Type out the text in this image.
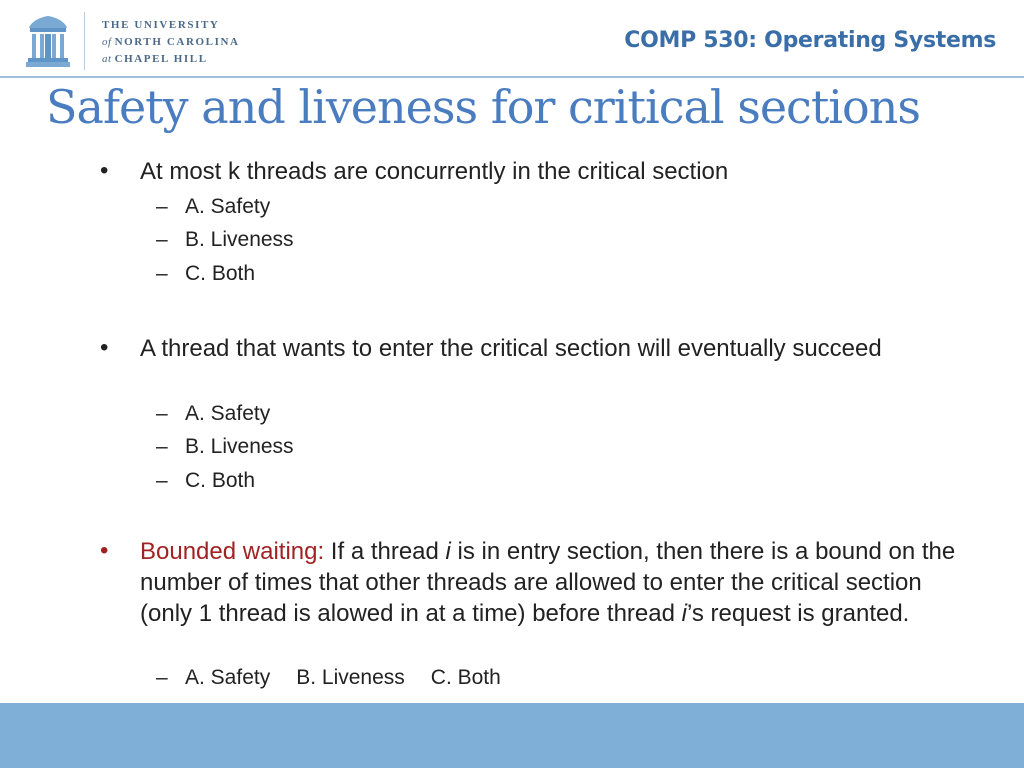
THE UNIVERSITY
of NORTH CAROLINA
at CHAPEL HILL
COMP 530: Operating Systems
Safety and liveness for critical sections
• At most k threads are concurrently in the critical section
– A. Safety
– B. Liveness
– C. Both
• A thread that wants to enter the critical section will eventually succeed
– A. Safety
– B. Liveness
– C. Both
• Bounded waiting: If a thread i is in entry section, then there is a bound on the number of times that other threads are allowed to enter the critical section (only 1 thread is alowed in at a time) before thread i’s request is granted.
– A. Safety B. Liveness C. Both
